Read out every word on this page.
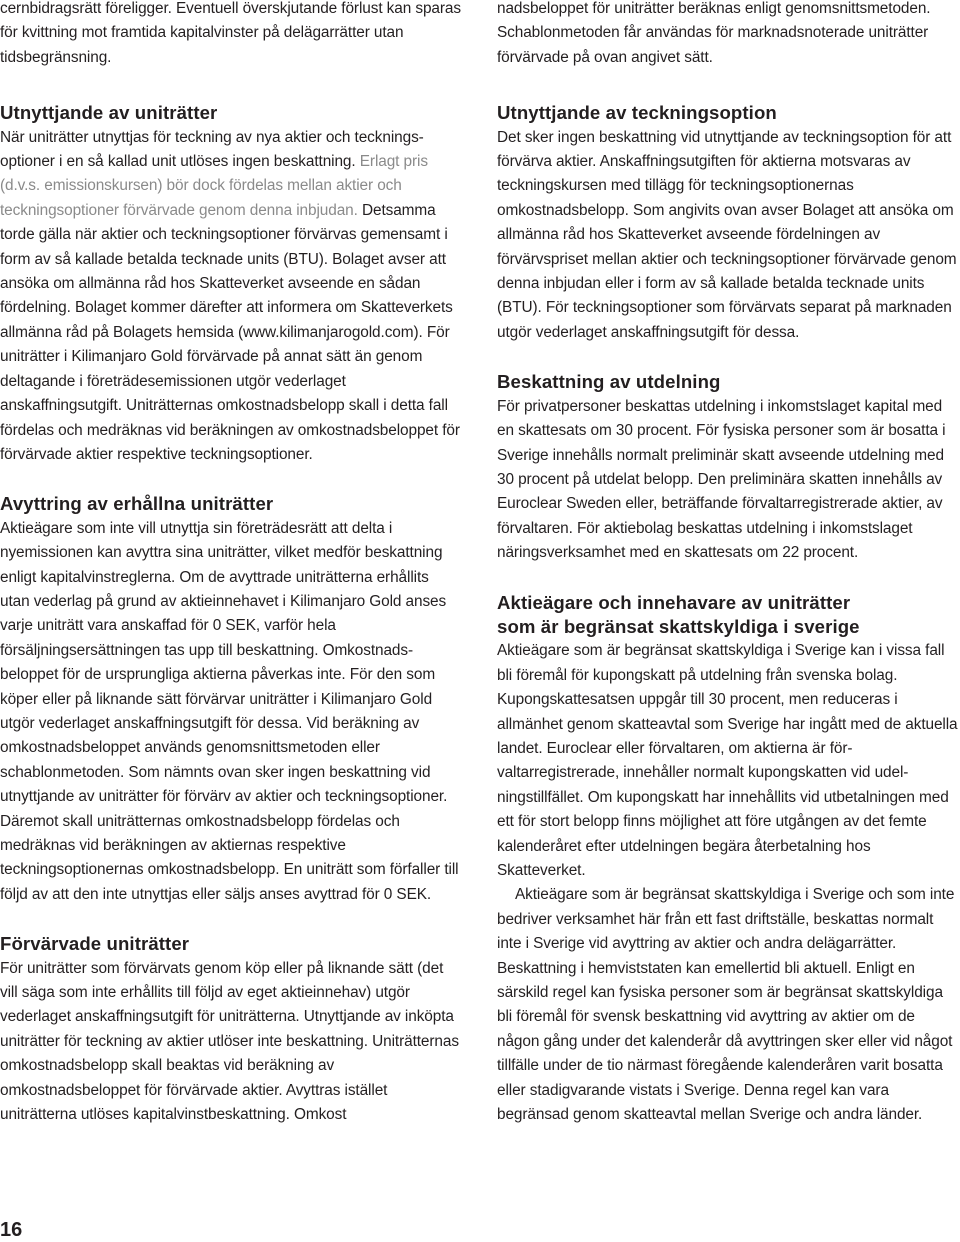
cernbidragsrätt föreligger. Eventuell överskjutande förlust kan sparas för kvittning mot framtida kapitalvinster på delägarrätter utan tidsbegränsning.

Utnyttjande av uniträtter

När uniträtter utnyttjas för teckning av nya aktier och teckningsoptioner i en så kallad unit utlöses ingen beskattning. Erlagt pris (d.v.s. emissionskursen) bör dock fördelas mellan aktier och teckningsoptioner förvärvade genom denna inbjudan. Detsamma torde gälla när aktier och teckningsoptioner förvärvas gemensamt i form av så kallade betalda tecknade units (BTU). Bolaget avser att ansöka om allmänna råd hos Skatteverket avseende en sådan fördelning. Bolaget kommer därefter att informera om Skatteverkets allmänna råd på Bolagets hemsida (www.kilimanjarogold.com). För uniträtter i Kilimanjaro Gold förvärvade på annat sätt än genom deltagande i företrädesemissionen utgör vederlaget anskaffningsutgift. Uniträtternas omkostnadsbelopp skall i detta fall fördelas och medräknas vid beräkningen av omkostnadsbeloppet för förvärvade aktier respektive teckningsoptioner.

Avyttring av erhållna uniträtter

Aktieägare som inte vill utnyttja sin företrädesrätt att delta i nyemissionen kan avyttra sina uniträtter, vilket medför beskattning enligt kapitalvinstreglerna. Om de avyttrade uniträtterna erhållits utan vederlag på grund av aktieinnehavet i Kilimanjaro Gold anses varje uniträtt vara anskaffad för 0 SEK, varför hela försäljningsersättningen tas upp till beskattning. Omkostnadsbeloppet för de ursprungliga aktierna påverkas inte. För den som köper eller på liknande sätt förvärvar uniträtter i Kilimanjaro Gold utgör vederlaget anskaffningsutgift för dessa. Vid beräkning av omkostnadsbeloppet används genomsnittsmetoden eller schablonmetoden. Som nämnts ovan sker ingen beskattning vid utnyttjande av uniträtter för förvärv av aktier och teckningsoptioner. Däremot skall uniträtternas omkostnadsbelopp fördelas och medräknas vid beräkningen av aktiernas respektive teckningsoptionernas omkostnadsbelopp. En uniträtt som förfaller till följd av att den inte utnyttjas eller säljs anses avyttrad för 0 SEK.

Förvärvade uniträtter

För uniträtter som förvärvats genom köp eller på liknande sätt (det vill säga som inte erhållits till följd av eget aktieinnehav) utgör vederlaget anskaffningsutgift för uniträtterna. Utnyttjande av inköpta uniträtter för teckning av aktier utlöser inte beskattning. Uniträtternas omkostnadsbelopp skall beaktas vid beräkning av omkostnadsbeloppet för förvärvade aktier. Avyttras istället uniträtterna utlöses kapitalvinstbeskattning. Omkost

nadsbeloppet för uniträtter beräknas enligt genomsnittsmetoden. Schablonmetoden får användas för marknadsnoterade uniträtter förvärvade på ovan angivet sätt.

Utnyttjande av teckningsoption

Det sker ingen beskattning vid utnyttjande av teckningsoption för att förvärva aktier. Anskaffningsutgiften för aktierna motsvaras av teckningskursen med tillägg för teckningsoptionernas omkostnadsbelopp. Som angivits ovan avser Bolaget att ansöka om allmänna råd hos Skatteverket avseende fördelningen av förvärvspriset mellan aktier och teckningsoptioner förvärvade genom denna inbjudan eller i form av så kallade betalda tecknade units (BTU). För teckningsoptioner som förvärvats separat på marknaden utgör vederlaget anskaffningsutgift för dessa.

Beskattning av utdelning

För privatpersoner beskattas utdelning i inkomstslaget kapital med en skattesats om 30 procent. För fysiska personer som är bosatta i Sverige innehålls normalt preliminär skatt avseende utdelning med 30 procent på utdelat belopp. Den preliminära skatten innehålls av Euroclear Sweden eller, beträffande förvaltarregistrerade aktier, av förvaltaren. För aktiebolag beskattas utdelning i inkomstslaget näringsverksamhet med en skattesats om 22 procent.

Aktieägare och innehavare av uniträtter
som är begränsat skattskyldiga i sverige

Aktieägare som är begränsat skattskyldiga i Sverige kan i vissa fall bli föremål för kupongskatt på utdelning från svenska bolag. Kupongskattesatsen uppgår till 30 procent, men reduceras i allmänhet genom skatteavtal som Sverige har ingått med de aktuella landet. Euroclear eller förvaltaren, om aktierna är förvaltarregistrerade, innehåller normalt kupongskatten vid udelningstillfället. Om kupongskatt har innehållits vid utbetalningen med ett för stort belopp finns möjlighet att före utgången av det femte kalenderåret efter utdelningen begära återbetalning hos Skatteverket.

Aktieägare som är begränsat skattskyldiga i Sverige och som inte bedriver verksamhet här från ett fast driftställe, beskattas normalt inte i Sverige vid avyttring av aktier och andra delägarrätter. Beskattning i hemviststaten kan emellertid bli aktuell. Enligt en särskild regel kan fysiska personer som är begränsat skattskyldiga bli föremål för svensk beskattning vid avyttring av aktier om de någon gång under det kalenderår då avyttringen sker eller vid något tillfälle under de tio närmast föregående kalenderåren varit bosatta eller stadigvarande vistats i Sverige. Denna regel kan vara begränsad genom skatteavtal mellan Sverige och andra länder.

16
